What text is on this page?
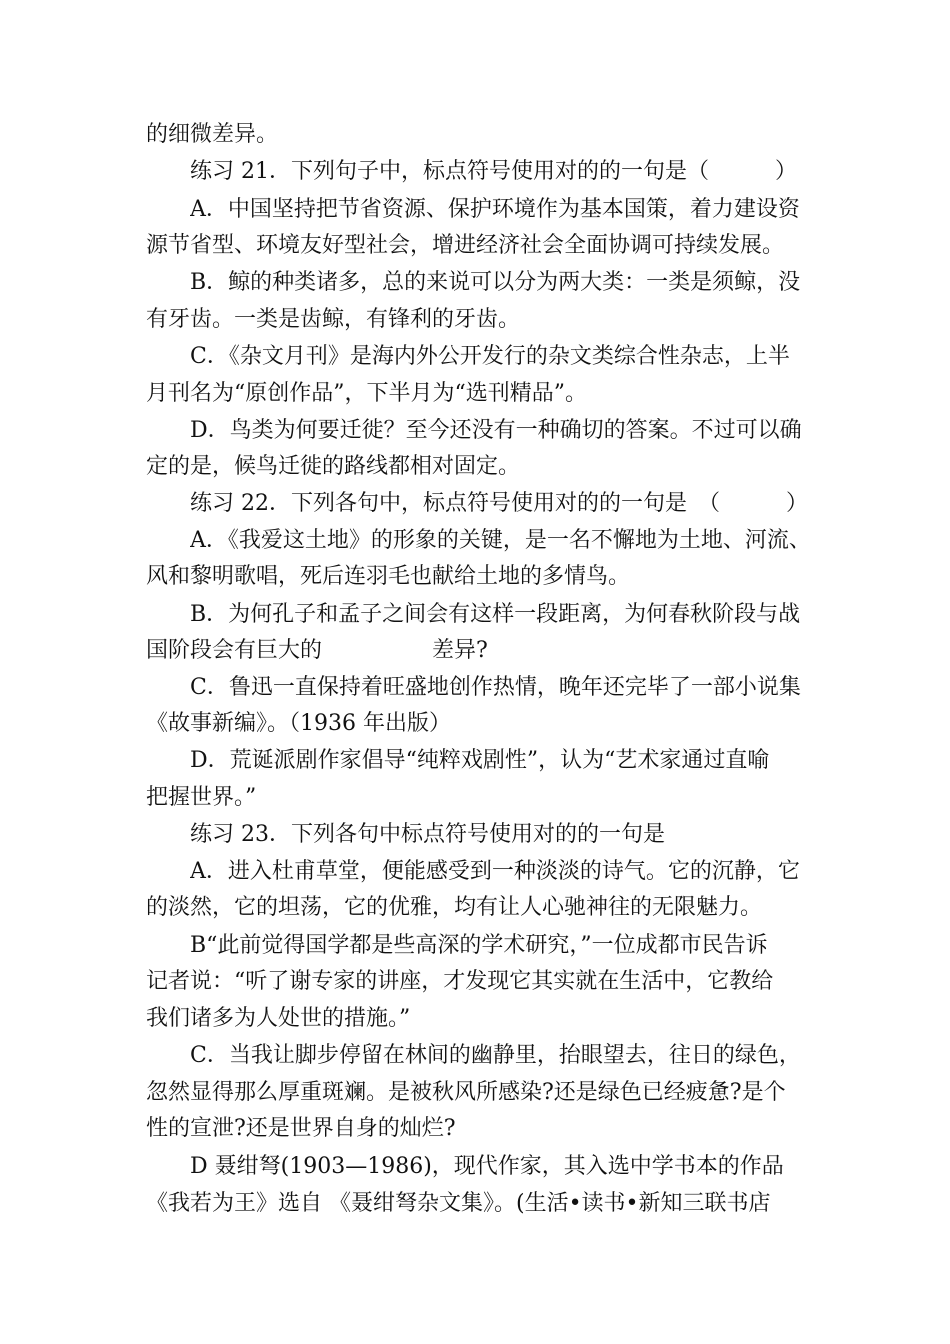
的细微差异。
练习 21．下列句子中，标点符号使用对的的一句是（　　　）
A．中国坚持把节省资源、保护环境作为基本国策，着力建设资
源节省型、环境友好型社会，增进经济社会全面协调可持续发展。
B．鲸的种类诸多，总的来说可以分为两大类：一类是须鲸，没
有牙齿。一类是齿鲸，有锋利的牙齿。
C．《杂文月刊》是海内外公开发行的杂文类综合性杂志，上半
月刊名为“原创作品”，下半月为“选刊精品”。
D．鸟类为何要迁徙？至今还没有一种确切的答案。不过可以确
定的是，候鸟迁徙的路线都相对固定。
练习 22．下列各句中，标点符号使用对的的一句是　（　　　）
A．《我爱这土地》的形象的关键，是一名不懈地为土地、河流、
风和黎明歌唱，死后连羽毛也献给土地的多情鸟。
B．为何孔子和孟子之间会有这样一段距离，为何春秋阶段与战
国阶段会有巨大的　　　　　差异?
C．鲁迅一直保持着旺盛地创作热情，晚年还完毕了一部小说集
《故事新编》。（1936 年出版）
D．荒诞派剧作家倡导“纯粹戏剧性”，认为“艺术家通过直喻
把握世界。”
练习 23．下列各句中标点符号使用对的的一句是
A．进入杜甫草堂，便能感受到一种淡淡的诗气。它的沉静，它
的淡然，它的坦荡，它的优雅，均有让人心驰神往的无限魅力。
B“此前觉得国学都是些高深的学术研究，”一位成都市民告诉
记者说：“听了谢专家的讲座，才发现它其实就在生活中，它教给
我们诸多为人处世的措施。”
C．当我让脚步停留在林间的幽静里，抬眼望去，往日的绿色，
忽然显得那么厚重斑斓。是被秋风所感染?还是绿色已经疲惫?是个
性的宣泄?还是世界自身的灿烂?
D 聂绀弩(1903—1986)，现代作家，其入选中学书本的作品
《我若为王》选自 《聂绀弩杂文集》。(生活•读书•新知三联书店
